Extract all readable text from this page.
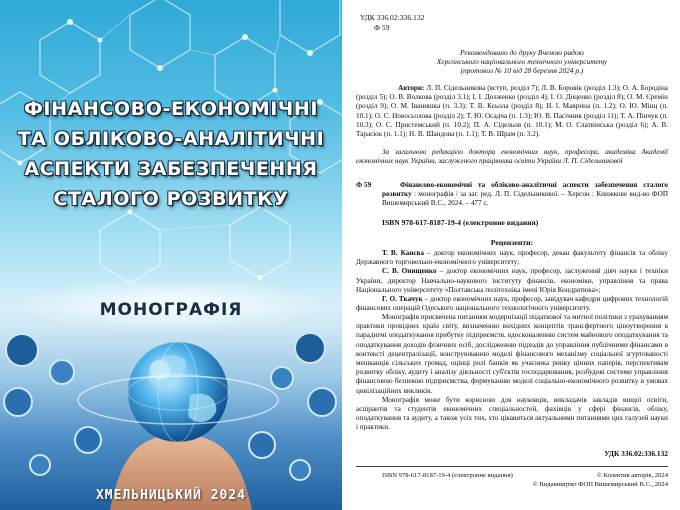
ФІНАНСОВО-ЕКОНОМІЧНІ
ТА ОБЛІКОВО-АНАЛІТИЧНІ
АСПЕКТИ ЗАБЕЗПЕЧЕННЯ
СТАЛОГО РОЗВИТКУ
МОНОГРАФІЯ
ХМЕЛЬНИЦЬКИЙ 2024
УДК 336.02:336.132
Ф 59
Рекомендовано до друку Вченою радою
Херсонського національного технічного університету
(протокол № 10 від 28 березня 2024 р.)
Автори: Л. П. Сідельникова (вступ, розділ 7); Л. В. Боровік (розділ 1.3); О. А. Бородіна (розділ 5); О. В. Волкова (розділ 3.1); І. І. Долженко (розділ 4); І. О. Доценко (розділ 8); О. М. Єремін (розділ 9); О. М. Іванишка (п. 3.3); Т. В. Кєьола (розділ 8); Н. І. Маврина (п. 1.2); О. Ю. Мінц (п. 10.1); О. С. Новосьолова (розділ 2); Т. Ю. Осадча (п. 1.3); Ю. В. Пасічник (розділ 11); Т. А. Пінчук (п. 10.3); О. С. Пристемський (п. 10.2); П. А. Сідельов (п. 10.1); М. О. Слатвінська (розділ 6); А. В. Тарасюк (п. 1.1); Н. В. Шандова (п. 1.1); Т. В. Шрам (п. 3.2).
За загальною редакцією доктора економічних наук, професора, академіка Академії економічних наук України, заслуженого працівника освіти України Л. П. Сідельникової
Ф 59	Фінансово-економічні та обліково-аналітичні аспекти забезпечення сталого розвитку : монографія / за заг. ред. Л. П. Сідельникової. – Херсон : Книжкове вид-во ФОП Вишемирський В.С., 2024. – 477 с.
ISBN 978-617-8187-19-4 (електронне видання)
Рецензенти:

Т. В. Канєва – доктор економічних наук, професор, декан факультету фінансів та обліку Державного торговельно-економічного університету;

С. В. Онищенко – доктор економічних наук, професор, заслужений діяч науки і техніки України, директор Навчально-наукового інституту фінансів, економіки, управління та права Національного університету «Полтавська політехніка імені Юрія Кондратюка»;

Г. О. Ткачук – доктор економічних наук, професор, завідувач кафедри цифрових технологій фінансових операцій Одеського національного технологічного університету.

Монографія присвячена питанням модернізації податкової та митної політики з урахуванням практики провідних країн світу, визначенню вихідних концептів трансфертного ціноутворення в парадигмі оподаткування прибутку підприємств, вдосконаленню систем майнового оподаткування та оподаткування доходів фізичних осіб, дослідженню підходів до управління публічними фінансами в контексті децентралізації, конструюванню моделі фінансового механізму соціальної згуртованості мешканців сільських громад, оцінці ролі банків як учасника ринку цінних паперів, перспективам розвитку обліку, аудиту і аналізу діяльності суб'єктів господарювання, розбудові системи управління фінансовою безпекою підприємства, формуванню моделі соціально-економічного розвитку в умовах цивілізаційних викликів.

Монографія може бути корисною для науковців, викладачів закладів вищої освіти, аспірантів та студентів економічних спеціальностей, фахівців у сфері фінансів, обліку, оподаткування та аудиту, а також усіх тих, хто цікавиться актуальними питаннями цих галузей науки і практики.

УДК 336.02:336.132
ISBN 978-617-8187-19-4 (електронне видання)	© Колектив авторів, 2024
© Видавництво ФОП Вишемирський В.С., 2024
